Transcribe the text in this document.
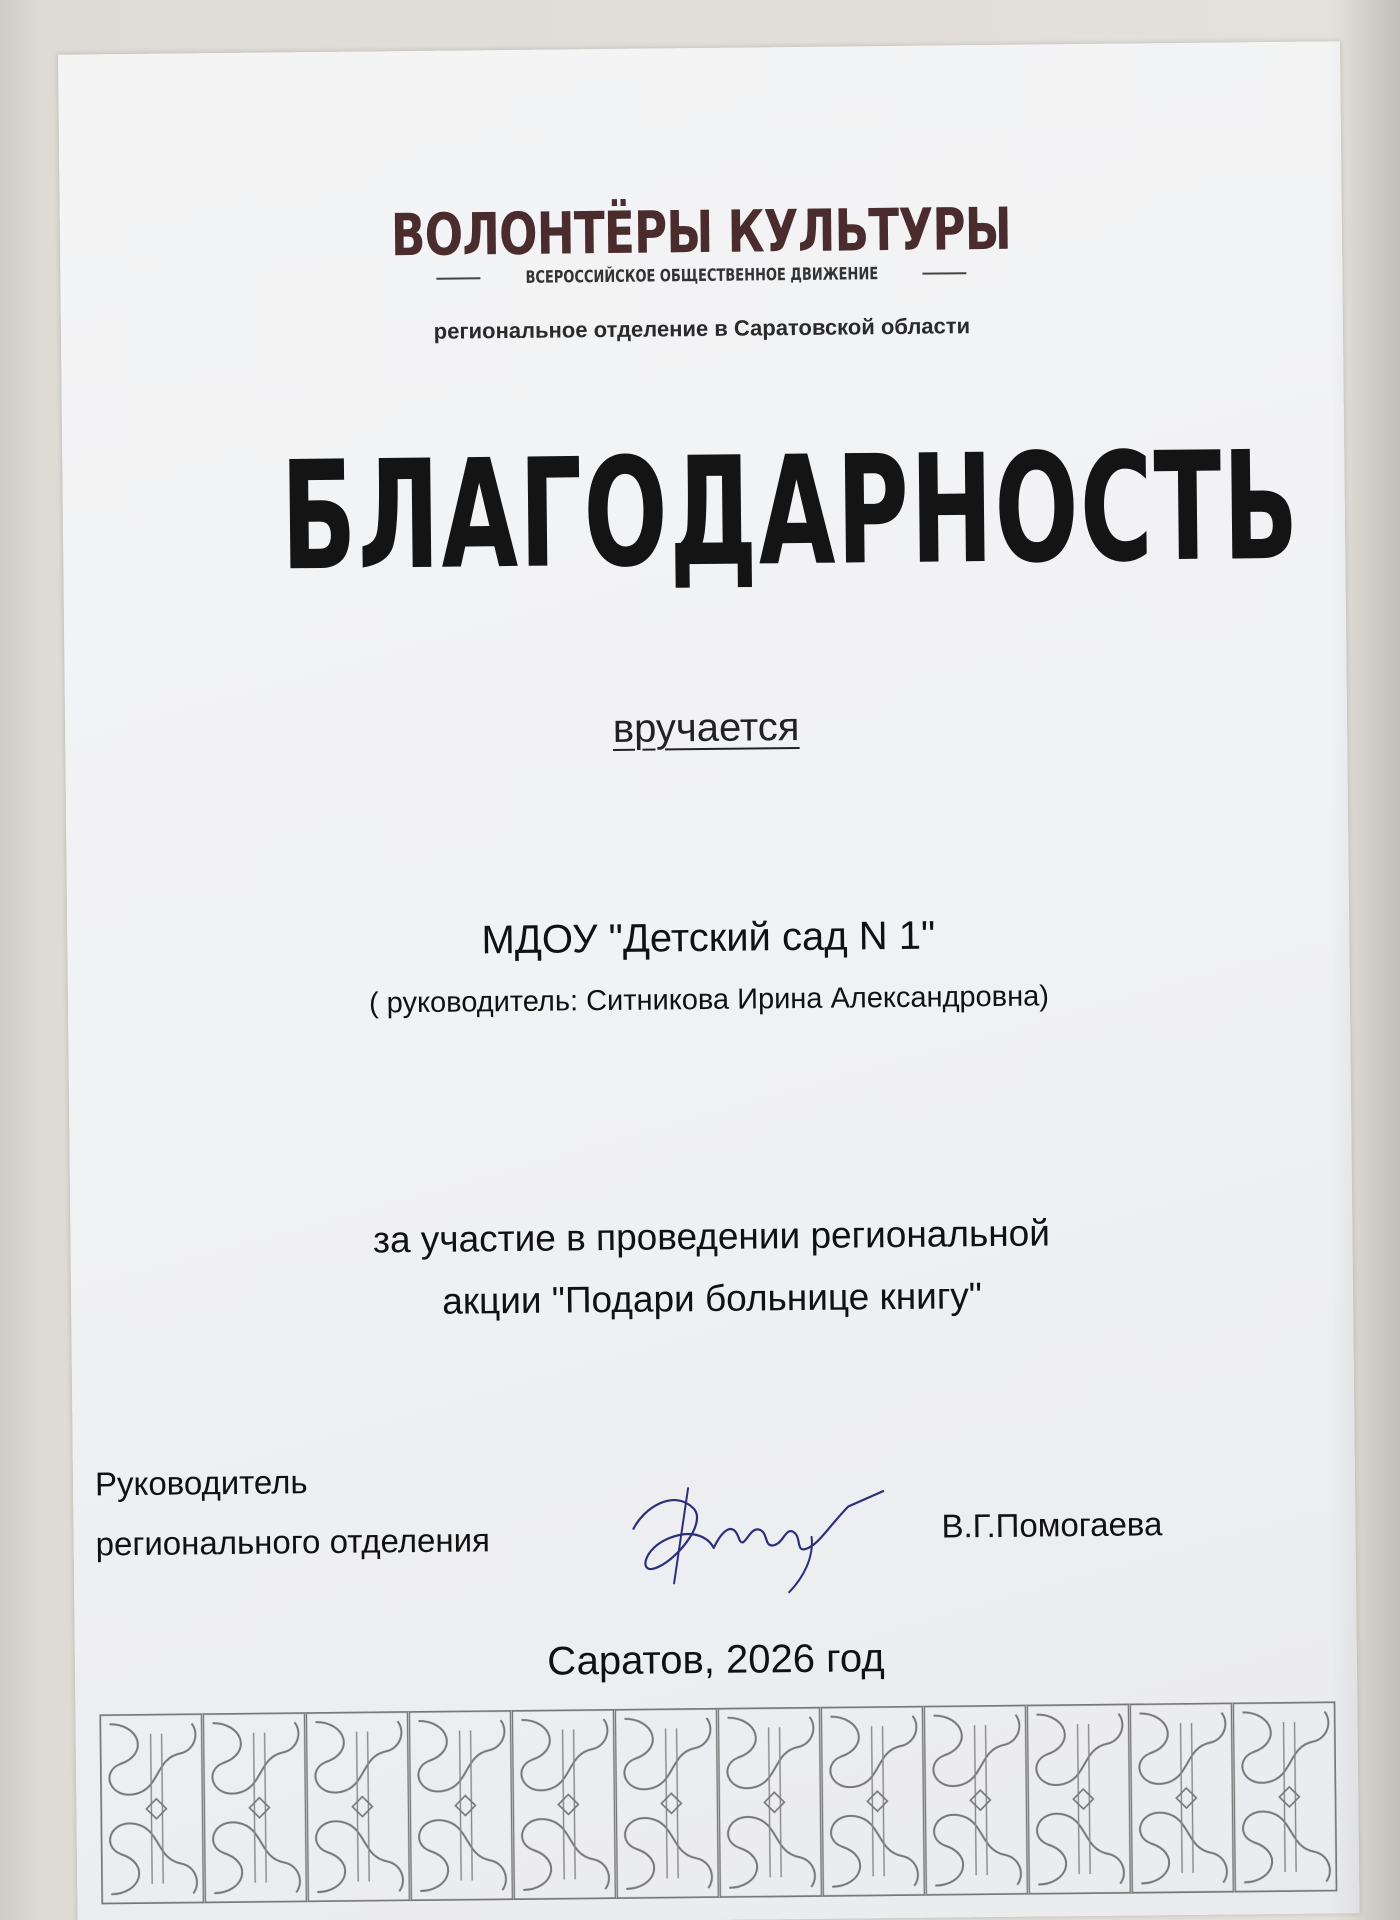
ВОЛОНТЁРЫ КУЛЬТУРЫ
ВСЕРОССИЙСКОЕ ОБЩЕСТВЕННОЕ ДВИЖЕНИЕ
региональное отделение в Саратовской области
БЛАГОДАРНОСТЬ
вручается
МДОУ "Детский сад N 1"
( руководитель: Ситникова Ирина Александровна)
за участие в проведении региональной
акции "Подари больнице книгу"
Руководитель
регионального отделения	В.Г.Помогаева
Саратов, 2026 год
